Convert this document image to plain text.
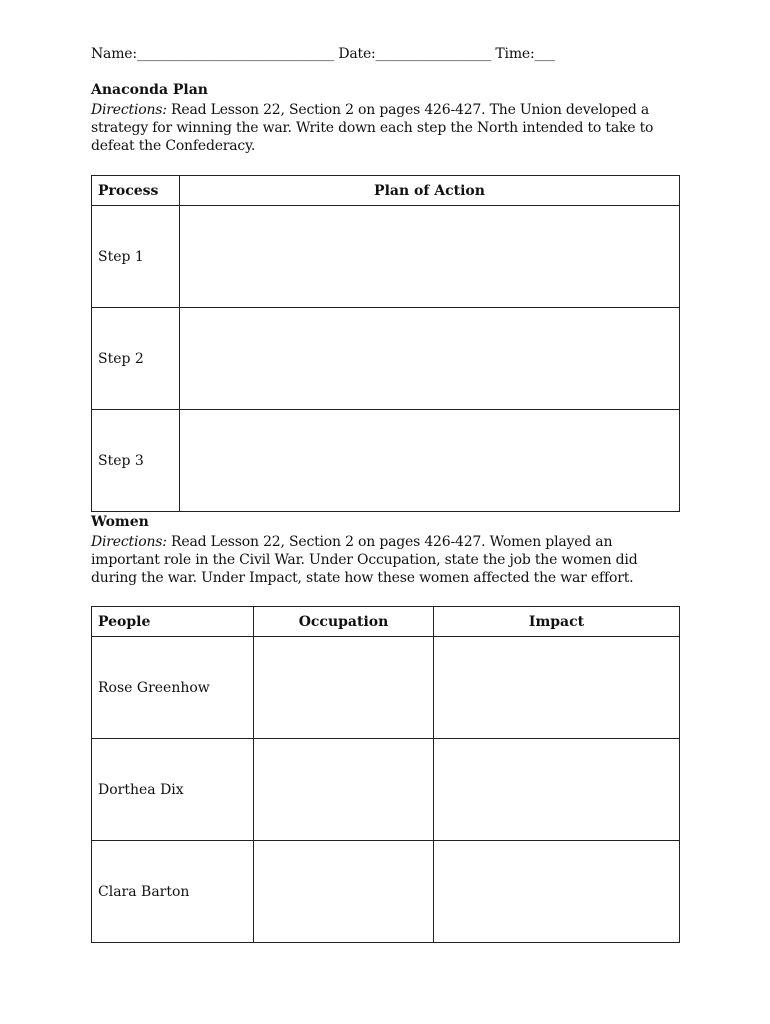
Name:_____________________________ Date:_________________ Time:___
Anaconda Plan
Directions: Read Lesson 22, Section 2 on pages 426-427. The Union developed a strategy for winning the war. Write down each step the North intended to take to defeat the Confederacy.
Process	Plan of Action
Step 1	
Step 2	
Step 3	
Women
Directions: Read Lesson 22, Section 2 on pages 426-427. Women played an important role in the Civil War. Under Occupation, state the job the women did during the war. Under Impact, state how these women affected the war effort.
People	Occupation	Impact
Rose Greenhow		
Dorthea Dix		
Clara Barton		
